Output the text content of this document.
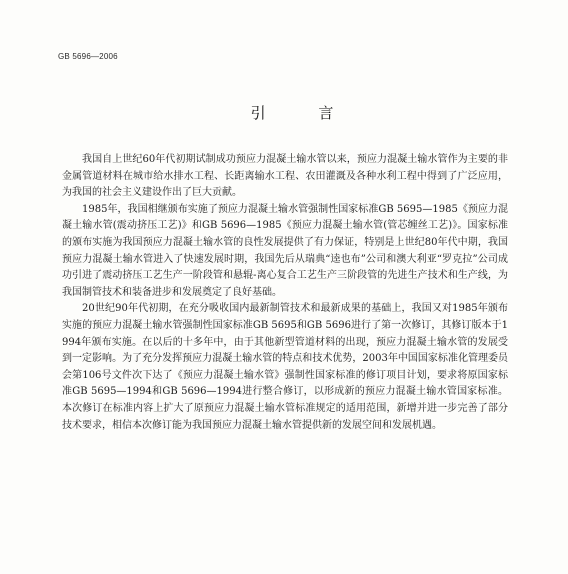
GB 5696—2006
引 言

我国自上世纪60年代初期试制成功预应力混凝土输水管以来，预应力混凝土输水管作为主要的非金属管道材料在城市给水排水工程、长距离输水工程、农田灌溉及各种水利工程中得到了广泛应用，为我国的社会主义建设作出了巨大贡献。

1985年，我国相继颁布实施了预应力混凝土输水管强制性国家标准GB 5695—1985《预应力混凝土输水管(震动挤压工艺)》和GB 5696—1985《预应力混凝土输水管(管芯缠丝工艺)》。国家标准的颁布实施为我国预应力混凝土输水管的良性发展提供了有力保证，特别是上世纪80年代中期，我国预应力混凝土输水管进入了快速发展时期，我国先后从瑞典“逵也布”公司和澳大利亚“罗克拉”公司成功引进了震动挤压工艺生产一阶段管和悬辊-离心复合工艺生产三阶段管的先进生产技术和生产线，为我国制管技术和装备进步和发展奠定了良好基础。

20世纪90年代初期，在充分吸收国内最新制管技术和最新成果的基础上，我国又对1985年颁布实施的预应力混凝土输水管强制性国家标准GB 5695和GB 5696进行了第一次修订，其修订版本于1994年颁布实施。在以后的十多年中，由于其他新型管道材料的出现，预应力混凝土输水管的发展受到一定影响。为了充分发挥预应力混凝土输水管的特点和技术优势，2003年中国国家标准化管理委员会第106号文件次下达了《预应力混凝土输水管》强制性国家标准的修订项目计划，要求将原国家标准GB 5695—1994和GB 5696—1994进行整合修订，以形成新的预应力混凝土输水管国家标准。本次修订在标准内容上扩大了原预应力混凝土输水管标准规定的适用范围，新增并进一步完善了部分技术要求，相信本次修订能为我国预应力混凝土输水管提供新的发展空间和发展机遇。
